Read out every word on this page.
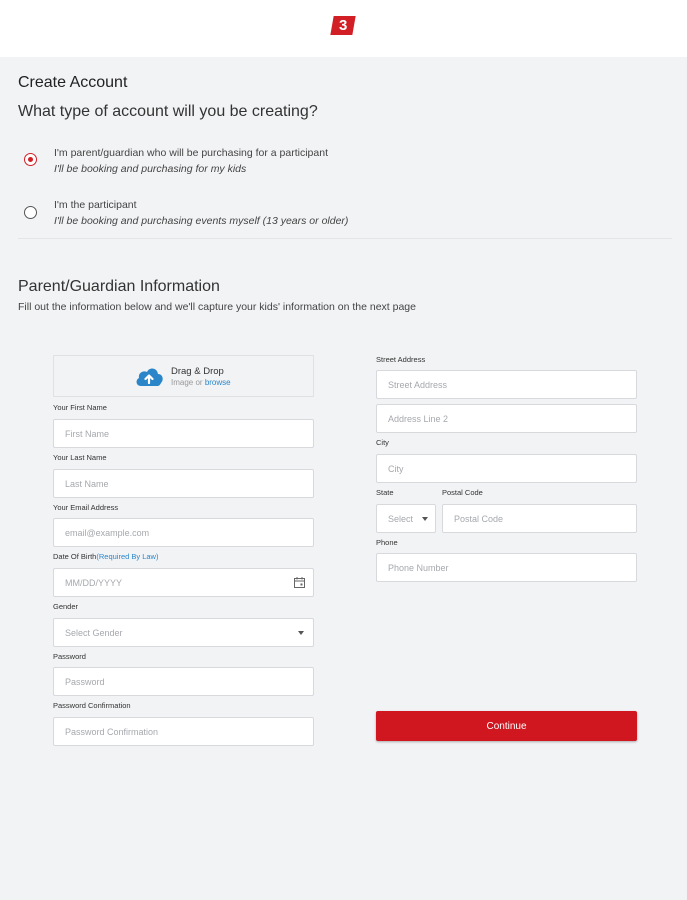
3
Create Account
What type of account will you be creating?
I'm parent/guardian who will be purchasing for a participant
I'll be booking and purchasing for my kids
I'm the participant
I'll be booking and purchasing events myself (13 years or older)
Parent/Guardian Information
Fill out the information below and we'll capture your kids' information on the next page
Drag & Drop
Image or browse
Your First Name
First Name
Your Last Name
Last Name
Your Email Address
email@example.com
Date Of Birth(Required By Law)
MM/DD/YYYY
Gender
Select Gender
Password
Password Confirmation
Street Address
Street Address
Address Line 2
City
City
State
Select
Postal Code
Postal Code
Phone
Phone Number
Continue
